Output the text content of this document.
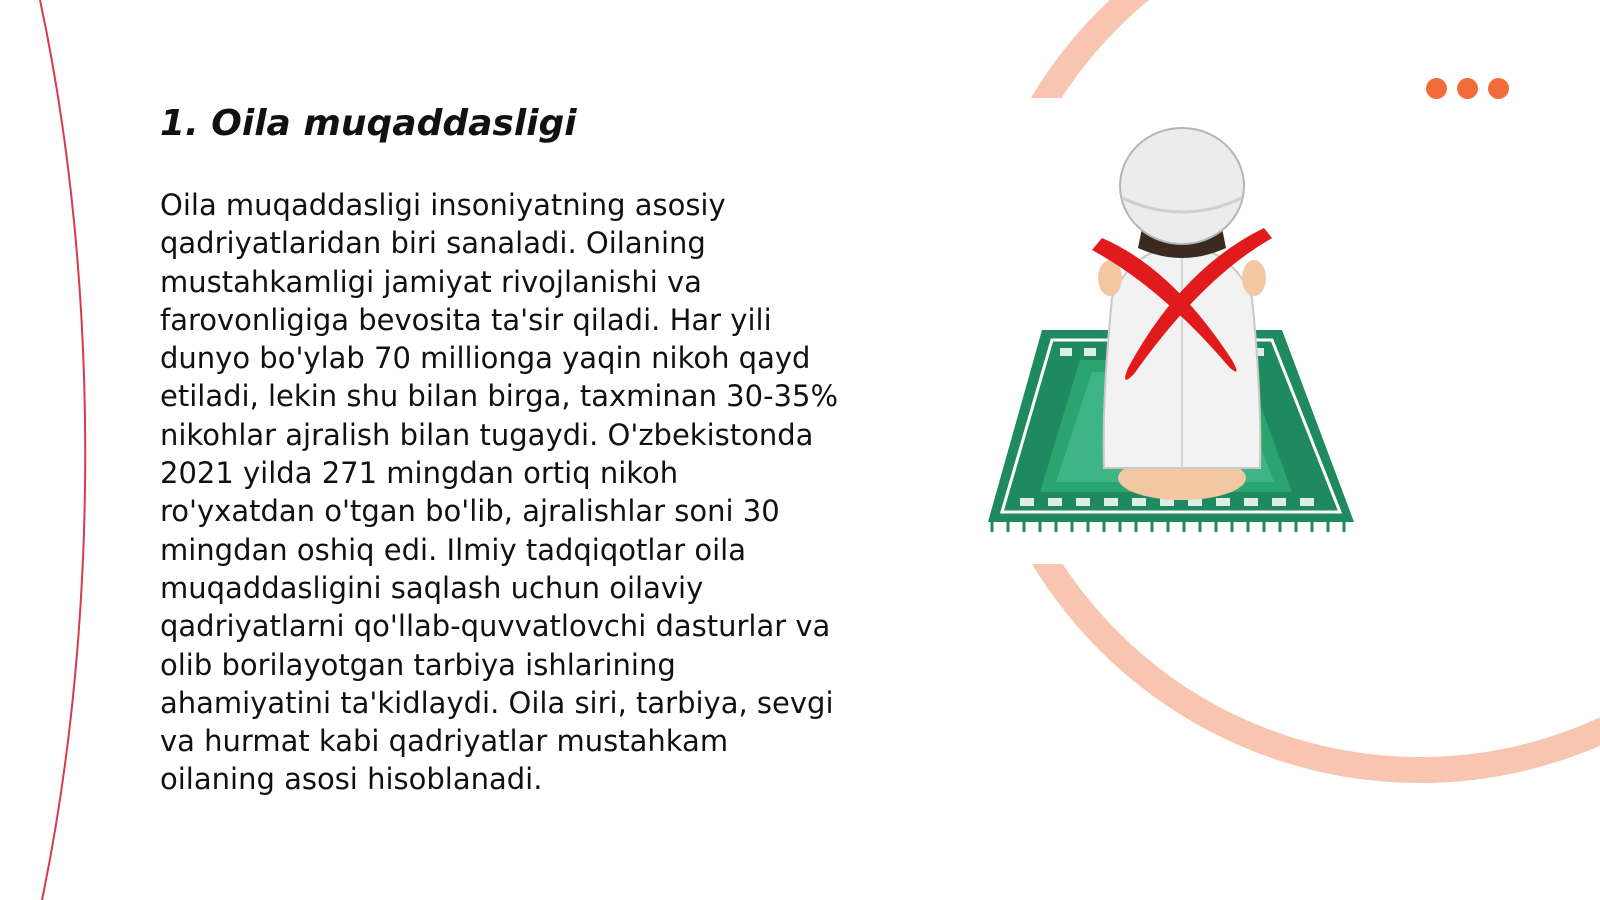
1. Oila muqaddasligi

Oila muqaddasligi insoniyatning asosiy qadriyatlaridan biri sanaladi. Oilaning mustahkamligi jamiyat rivojlanishi va farovonligiga bevosita ta'sir qiladi. Har yili dunyo bo'ylab 70 millionga yaqin nikoh qayd etiladi, lekin shu bilan birga, taxminan 30-35% nikohlar ajralish bilan tugaydi. O'zbekistonda 2021 yilda 271 mingdan ortiq nikoh ro'yxatdan o'tgan bo'lib, ajralishlar soni 30 mingdan oshiq edi. Ilmiy tadqiqotlar oila muqaddasligini saqlash uchun oilaviy qadriyatlarni qo'llab-quvvatlovchi dasturlar va olib borilayotgan tarbiya ishlarining ahamiyatini ta'kidlaydi. Oila siri, tarbiya, sevgi va hurmat kabi qadriyatlar mustahkam oilaning asosi hisoblanadi.
